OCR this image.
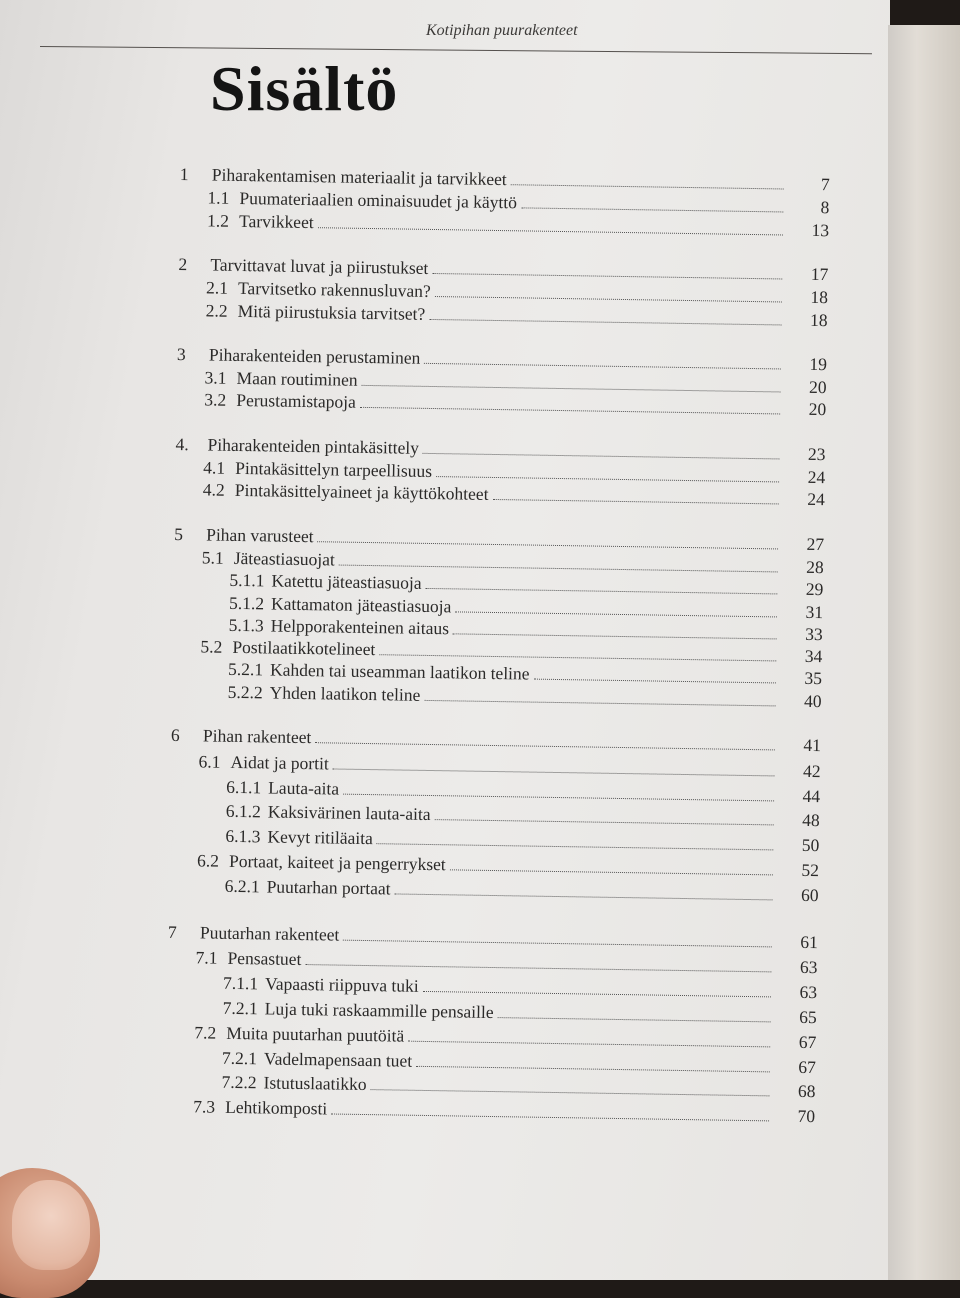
Kotipihan puurakenteet
Sisältö
1	Piharakentamisen materiaalit ja tarvikkeet	7
1.1 Puumateriaalien ominaisuudet ja käyttö	8
1.2 Tarvikkeet	13
2	Tarvittavat luvat ja piirustukset	17
2.1 Tarvitsetko rakennusluvan?	18
2.2 Mitä piirustuksia tarvitset?	18
3	Piharakenteiden perustaminen	19
3.1 Maan routiminen	20
3.2 Perustamistapoja	20
4.	Piharakenteiden pintakäsittely	23
4.1 Pintakäsittelyn tarpeellisuus	24
4.2 Pintakäsittelyaineet ja käyttökohteet	24
5	Pihan varusteet	27
5.1 Jäteastiasuojat	28
5.1.1 Katettu jäteastiasuoja	29
5.1.2 Kattamaton jäteastiasuoja	31
5.1.3 Helpporakenteinen aitaus	33
5.2 Postilaatikkotelineet	34
5.2.1 Kahden tai useamman laatikon teline	35
5.2.2 Yhden laatikon teline	40
6	Pihan rakenteet	41
6.1 Aidat ja portit	42
6.1.1 Lauta-aita	44
6.1.2 Kaksivärinen lauta-aita	48
6.1.3 Kevyt ritiläaita	50
6.2 Portaat, kaiteet ja pengerrykset	52
6.2.1 Puutarhan portaat	60
7	Puutarhan rakenteet	61
7.1 Pensastuet	63
7.1.1 Vapaasti riippuva tuki	63
7.2.1 Luja tuki raskaammille pensaille	65
7.2 Muita puutarhan puutöitä	67
7.2.1 Vadelmapensaan tuet	67
7.2.2 Istutuslaatikko	68
7.3 Lehtikomposti	70
